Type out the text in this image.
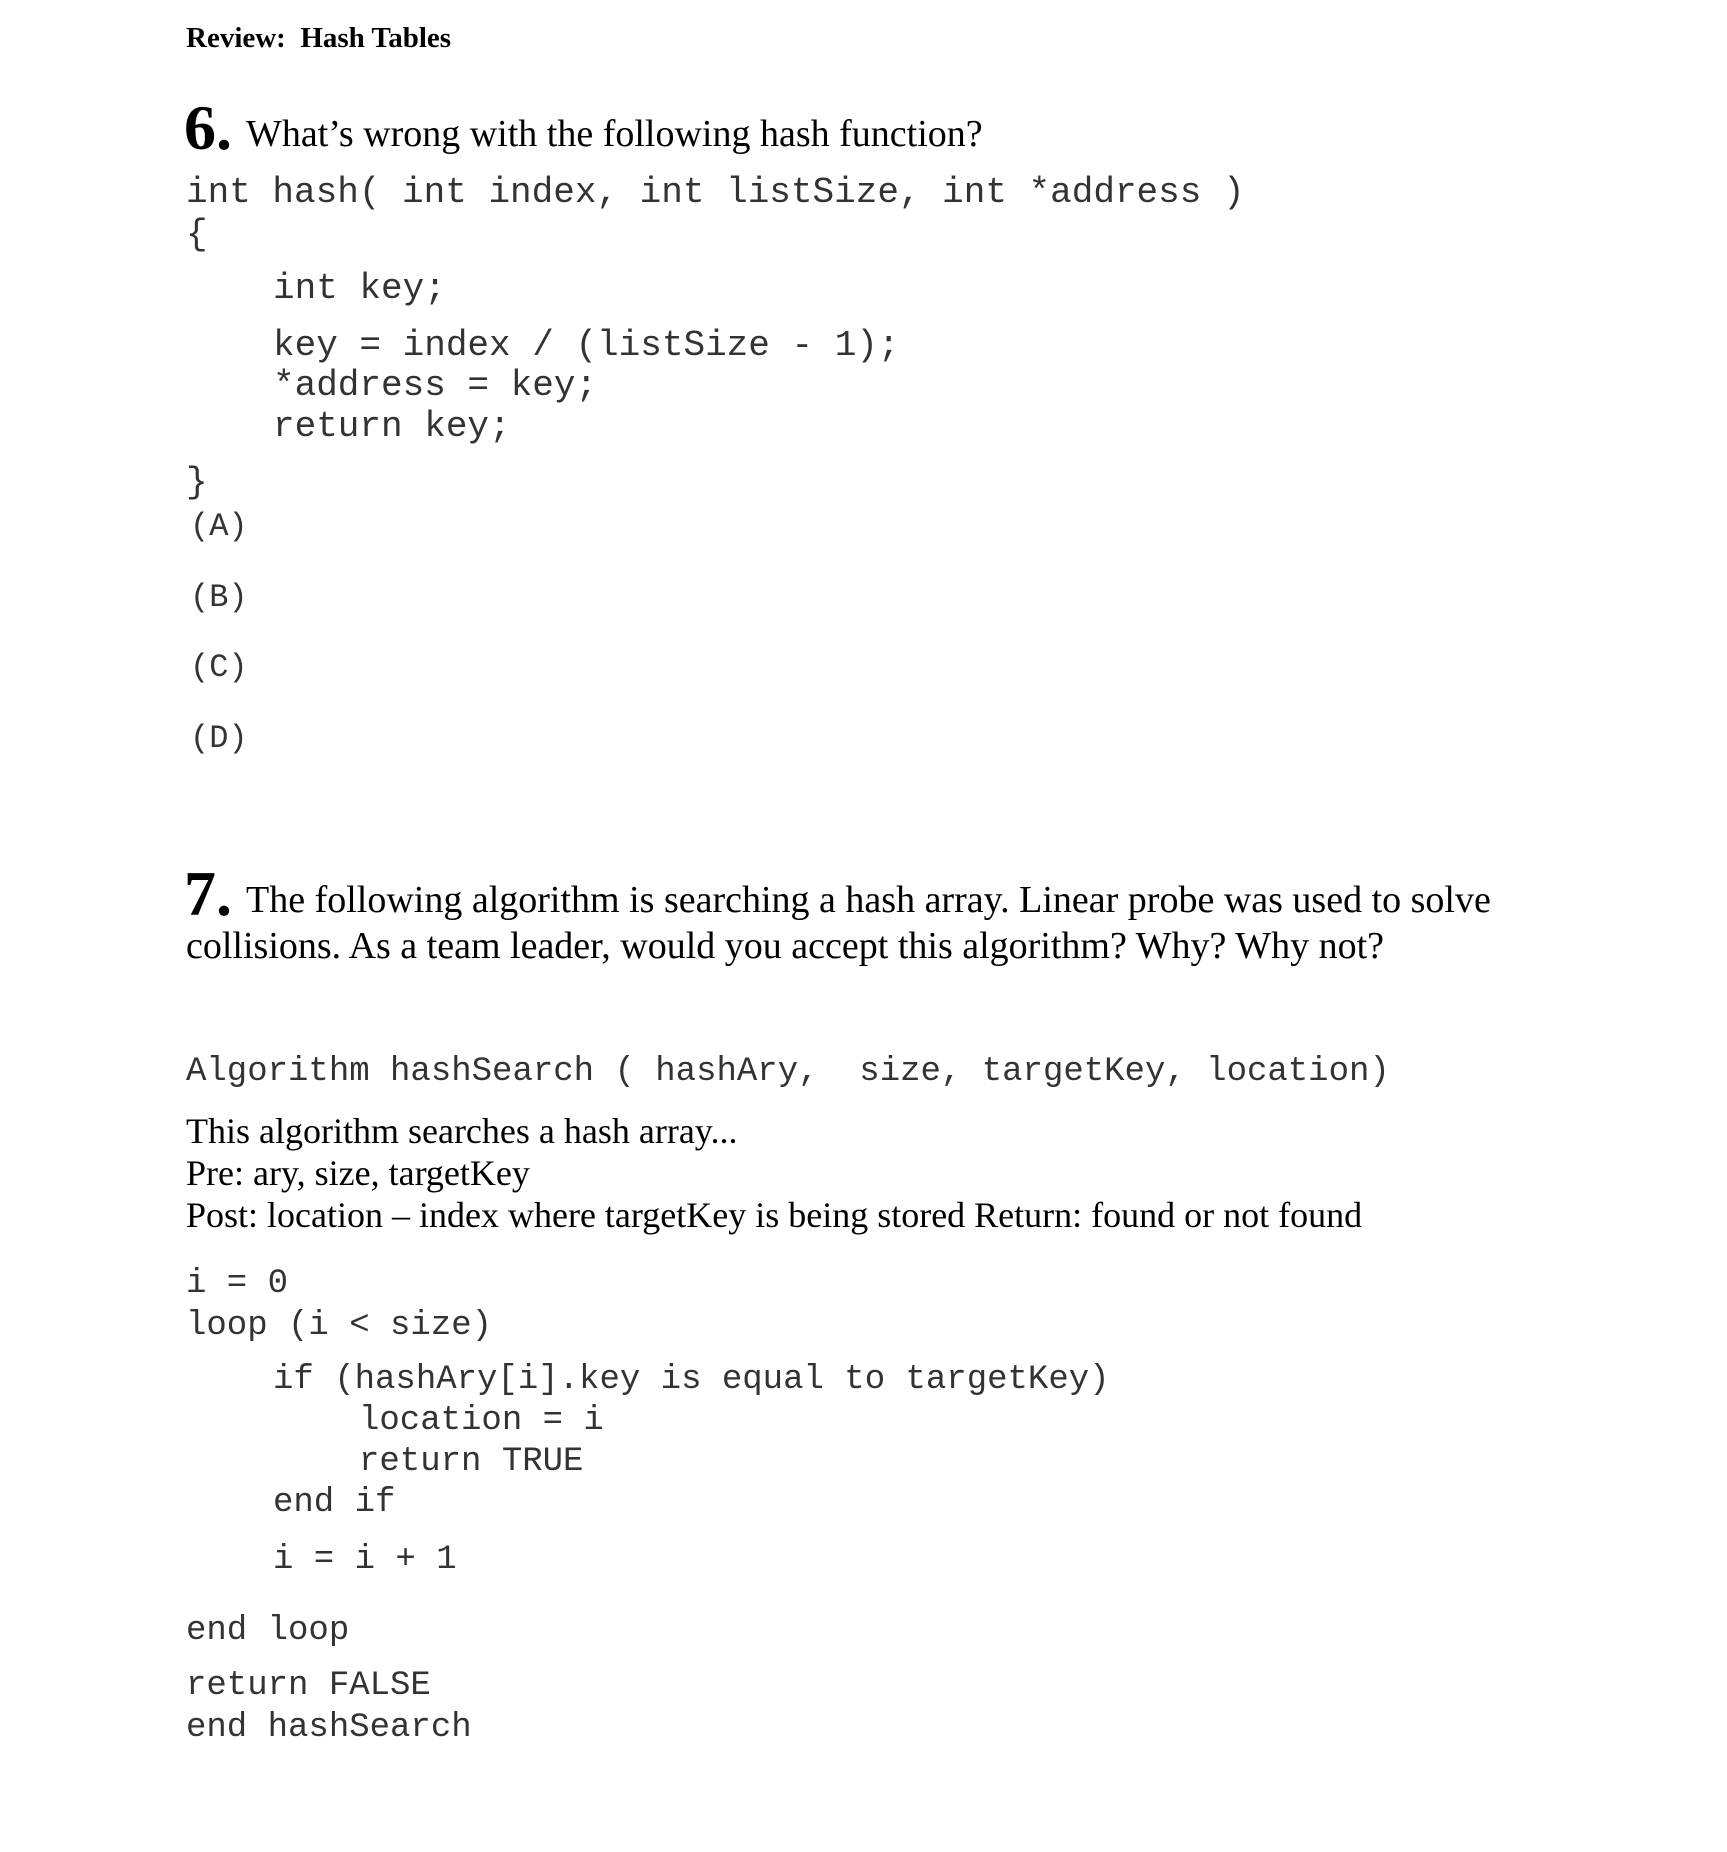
Review:  Hash Tables
6. What’s wrong with the following hash function?
int hash( int index, int listSize, int *address )
{
int key;
key = index / (listSize - 1);
*address = key;
return key;
}
(A)
(B)
(C)
(D)
7. The following algorithm is searching a hash array. Linear probe was used to solve
collisions. As a team leader, would you accept this algorithm? Why? Why not?
Algorithm hashSearch ( hashAry,  size, targetKey, location)
This algorithm searches a hash array...
Pre: ary, size, targetKey
Post: location – index where targetKey is being stored Return: found or not found
i = 0
loop (i < size)
if (hashAry[i].key is equal to targetKey)
location = i
return TRUE
end if
i = i + 1
end loop
return FALSE
end hashSearch
